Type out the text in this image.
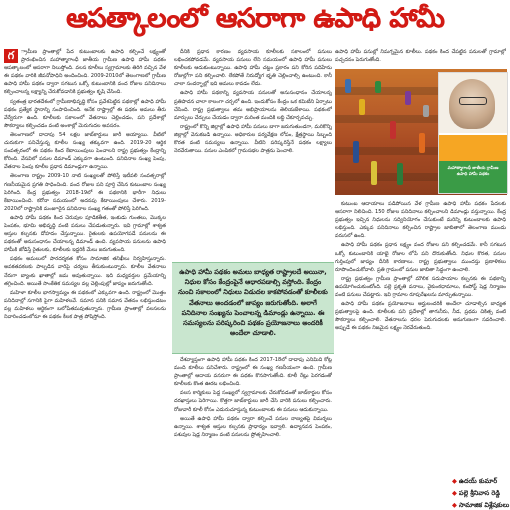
ఆపత్కాలంలో ఆసరాగా ఉపాధి హామీ
గ	్రామీణ ప్రాంతాల్లో పేద కుటుంబాలకు ఉపాధి కల్పించే లక్ష్యంతో ప్రారంభించిన మహాత్మాగాంధీ జాతీయ గ్రామీణ ఉపాధి హామీ పథకం ఆపత్కాలంలో ఆసరాగా నిలుస్తోంది. వలస కూలీలు స్వగ్రామాలకు తిరిగి వచ్చిన వేళ ఈ పథకం వారికి జీవనోపాధిని అందించింది. 2009-2010లో తెలంగాణలో గ్రామీణ ఉపాధి హామీ పథకం ద్వారా సగటున ఒక్కో కుటుంబానికి వంద రోజుల పనిదినాలు కల్పించాలన్న లక్ష్యాన్ని చేరుకోవడానికి ప్రభుత్వం కృషి చేసింది.

స్వతంత్ర భారతదేశంలో గ్రామీణాభివృద్ధి కోసం ప్రవేశపెట్టిన పథకాల్లో ఉపాధి హామీ పథకం ప్రత్యేక స్థానాన్ని సంపాదించింది. అనేక రాష్ట్రాల్లో ఈ పథకం అమలు తీరు వేర్వేరుగా ఉంది. కూలీలకు సకాలంలో వేతనాలు చెల్లించడం, పని ప్రదేశాల్లో సౌకర్యాలు కల్పించడం వంటి అంశాల్లో మెరుగుదల అవసరం.

తెలంగాణలో దాదాపు 54 లక్షల జాబ్‌కార్డులు జారీ అయ్యాయి. వీటిలో చురుకుగా పనిచేస్తున్న కూలీల సంఖ్య తక్కువగా ఉంది. 2019-20 ఆర్థిక సంవత్సరంలో ఈ పథకం కింద కేటాయింపులు పెంచాలని రాష్ట్ర ప్రభుత్వం కేంద్రాన్ని కోరింది. వేసవిలో పనుల డిమాండ్ ఎక్కువగా ఉంటుంది. పనిదినాల సంఖ్య పెంపు, వేతనాల పెంపు కూలీల ప్రధాన డిమాండ్లుగా ఉన్నాయి.

తెలంగాణ రాష్ట్రం 2009-10 నాటి సంఖ్యలతో పోలిస్తే ఇటీవలి సంవత్సరాల్లో గణనీయమైన ప్రగతి సాధించింది. వంద రోజుల పని పూర్తి చేసిన కుటుంబాల సంఖ్య పెరిగింది. కేంద్ర ప్రభుత్వం 2018-19లో ఈ పథకానికి భారీగా నిధులు కేటాయించింది. కరోనా సమయంలో అదనపు కేటాయింపులు చేశారు. 2019-2020లో రాష్ట్రానికి మంజూరైన పనిదినాల సంఖ్య గతంతో పోలిస్తే పెరిగింది.

ఉపాధి హామీ పథకం కింద చెరువుల పూడికతీత, ఇంకుడు గుంతలు, మొక్కల పెంపకం, భూమి అభివృద్ధి వంటి పనులు చేపడుతున్నారు. ఇవి గ్రామాల్లో శాశ్వత ఆస్తుల కల్పనకు దోహదం చేస్తున్నాయి. రైతులకు ఉపయోగపడే పనులను ఈ పథకంతో అనుసంధానం చేయాలన్న డిమాండ్ ఉంది. వ్యవసాయ పనులను ఉపాధి హామీకి జోడిస్తే రైతులకు, కూలీలకు ఇద్దరికీ మేలు జరుగుతుంది.

పథకం అమలులో పారదర్శకత కోసం సామాజిక తనిఖీలు నిర్వహిస్తున్నారు. అవకతవకలకు పాల్పడిన వారిపై చర్యలు తీసుకుంటున్నారు. కూలీల వేతనాలు నేరుగా బ్యాంకు ఖాతాల్లో జమ అవుతున్నాయి. ఇది మధ్యవర్తుల ప్రమేయాన్ని తగ్గించింది. అయితే సాంకేతిక సమస్యల వల్ల చెల్లింపుల్లో జాప్యం జరుగుతోంది.

మహిళా కూలీల భాగస్వామ్యం ఈ పథకంలో ఎక్కువగా ఉంది. రాష్ట్రంలో మొత్తం పనిదినాల్లో సగానికి పైగా మహిళలవే. సమాన పనికి సమాన వేతనం లభిస్తుండటం వల్ల మహిళలు ఆర్థికంగా బలోపేతమవుతున్నారు. గ్రామీణ ప్రాంతాల్లో వలసలను నివారించడంలోనూ ఈ పథకం కీలక పాత్ర పోషిస్తోంది.

దీనికి ప్రధాన కారణం వ్యవసాయ కూలీలకు సకాలంలో పనులు లభించకపోవడమే. వ్యవసాయ పనులు లేని సమయంలో ఉపాధి హామీ పనులు కూలీలకు ఆదుకుంటున్నాయి. ఉపాధి హామీ చట్టం ప్రకారం పని కోరిన పదిహేను రోజుల్లోగా పని కల్పించాలి. లేకపోతే నిరుద్యోగ భృతి చెల్లించాల్సి ఉంటుంది. కానీ చాలా సందర్భాల్లో ఇది అమలు కావడం లేదు.

ఉపాధి హామీ పథకాన్ని వ్యవసాయ పనులతో అనుసంధానం చేయాలన్న ప్రతిపాదన చాలా కాలంగా చర్చలో ఉంది. ఇందుకోసం కేంద్రం ఒక కమిటీని ఏర్పాటు చేసింది. రాష్ట్ర ప్రభుత్వాలు తమ అభిప్రాయాలను తెలియజేశాయి. పథకంలో మార్పులు చేర్పులు చేయడం ద్వారా మరింత మందికి లబ్ధి చేకూర్చవచ్చు.

రాష్ట్రంలో కొన్ని జిల్లాల్లో ఉపాధి హామీ పనులు బాగా జరుగుతుండగా, మరికొన్ని జిల్లాల్లో వెనుకబడి ఉన్నాయి. అధికారుల పర్యవేక్షణ లోపం, క్షేత్రస్థాయి సిబ్బంది కొరత వంటి సమస్యలు ఉన్నాయి. వీటిని పరిష్కరిస్తేనే పథకం లక్ష్యాలు నెరవేరుతాయి. పనుల ఎంపికలో గ్రామసభల పాత్రను పెంచాలి.

ఉపాధి హామీ పథకం అమలు బాధ్యత రాష్ట్రాలదే అయినా, నిధుల కోసం కేంద్రంపైనే ఆధారపడాల్సి వస్తోంది. కేంద్రం నుంచి సకాలంలో నిధులు విడుదల కాకపోవడంతో కూలీలకు వేతనాలు అందడంలో జాప్యం జరుగుతోంది. అలాగే పనిదినాల సంఖ్యను పెంచాలన్న డిమాండ్లు ఉన్నాయి. ఈ సమస్యలను పరిష్కరించి పథకం ప్రయోజనాలు అందరికీ అందేలా చూడాలి.

దేశవ్యాప్తంగా ఉపాధి హామీ పథకం కింద 2017-18లో దాదాపు ఎనిమిది కోట్ల మంది కూలీలు పనిచేశారు. రాష్ట్రంలో ఈ సంఖ్య గణనీయంగా ఉంది. గ్రామీణ ప్రాంతాల్లో ఆదాయ వనరుగా ఈ పథకం కొనసాగుతోంది. కూలీ రేట్లు పెరగడంతో కూలీలకు కొంత ఊరట లభించింది.

వలస కార్మికులు పెద్ద సంఖ్యలో స్వగ్రామాలకు చేరుకోవడంతో జాబ్‌కార్డుల కోసం దరఖాస్తులు పెరిగాయి. కొత్తగా జాబ్‌కార్డులు జారీ చేసి వారికి పనులు కల్పించారు. రోజువారీ కూలీ కోసం ఎదురుచూస్తున్న కుటుంబాలకు ఈ పనులు ఆదుకున్నాయి.

అయితే ఉపాధి హామీ పథకం ద్వారా కల్పించే పనుల నాణ్యతపై విమర్శలు ఉన్నాయి. శాశ్వత ఆస్తుల కల్పనకు ప్రాధాన్యం ఇవ్వాలి. ఉద్యానవన పెంపకం, పశువుల షెడ్ల నిర్మాణం వంటి పనులను ప్రోత్సహించాలి.

ఉపాధి హామీ పనుల్లో నిమగ్నమైన కూలీలు. పథకం కింద చేపట్టిన పనులతో గ్రామాల్లో పచ్చదనం పెరుగుతోంది.
మహాత్మాగాంధీ జాతీయ గ్రామీణ ఉపాధి హామీ పథకం

కుటుంబ ఆదాయాలు పడిపోయిన వేళ గ్రామీణ ఉపాధి హామీ పథకం పేదలకు ఆసరాగా నిలిచింది. 150 రోజుల పనిదినాలు కల్పించాలని డిమాండ్లు వస్తున్నాయి. కేంద్ర ప్రభుత్వం ఇచ్చిన నిధులను సద్వినియోగం చేసుకుంటే మరిన్ని కుటుంబాలకు ఉపాధి లభిస్తుంది. ఎక్కువ పనిదినాలు కల్పించిన రాష్ట్రాల జాబితాలో తెలంగాణ ముందు వరుసలో ఉంది.

ఉపాధి హామీ పథకం ప్రధాన లక్ష్యం వంద రోజుల పని కల్పించడమే. కానీ సగటున ఒక్కో కుటుంబానికి యాభై రోజుల లోపే పని దొరుకుతోంది. నిధుల కొరత, పనుల గుర్తింపులో జాప్యం దీనికి కారణాలు. రాష్ట్ర ప్రభుత్వాలు ముందస్తు ప్రణాళికలు రూపొందించుకోవాలి. ప్రతి గ్రామంలో పనుల జాబితా సిద్ధంగా ఉంచాలి.

రాష్ట్ర ప్రభుత్వం గ్రామీణ ప్రాంతాల్లో మౌలిక సదుపాయాల కల్పనకు ఈ పథకాన్ని ఉపయోగించుకుంటోంది. పల్లె ప్రకృతి వనాలు, వైకుంఠధామాలు, కంపోస్ట్ షెడ్ల నిర్మాణం వంటి పనులు చేపట్టారు. ఇవి గ్రామాల రూపురేఖలను మార్చుతున్నాయి.

ఉపాధి హామీ పథకం ప్రయోజనాలు అర్హులందరికీ అందేలా చూడాల్సిన బాధ్యత ప్రభుత్వాలపై ఉంది. కూలీలకు పని ప్రదేశాల్లో తాగునీరు, నీడ, ప్రథమ చికిత్స వంటి సౌకర్యాలు కల్పించాలి. వేతనాలను ధరల పెరుగుదలకు అనుగుణంగా సవరించాలి. అప్పుడే ఈ పథకం నిజమైన లక్ష్యం నెరవేరుతుంది.

◆ ఉదయ్ కుమార్
◆ పల్లె శ్రీనివాస రెడ్డి
◆ సామాజిక విశ్లేషకులు
